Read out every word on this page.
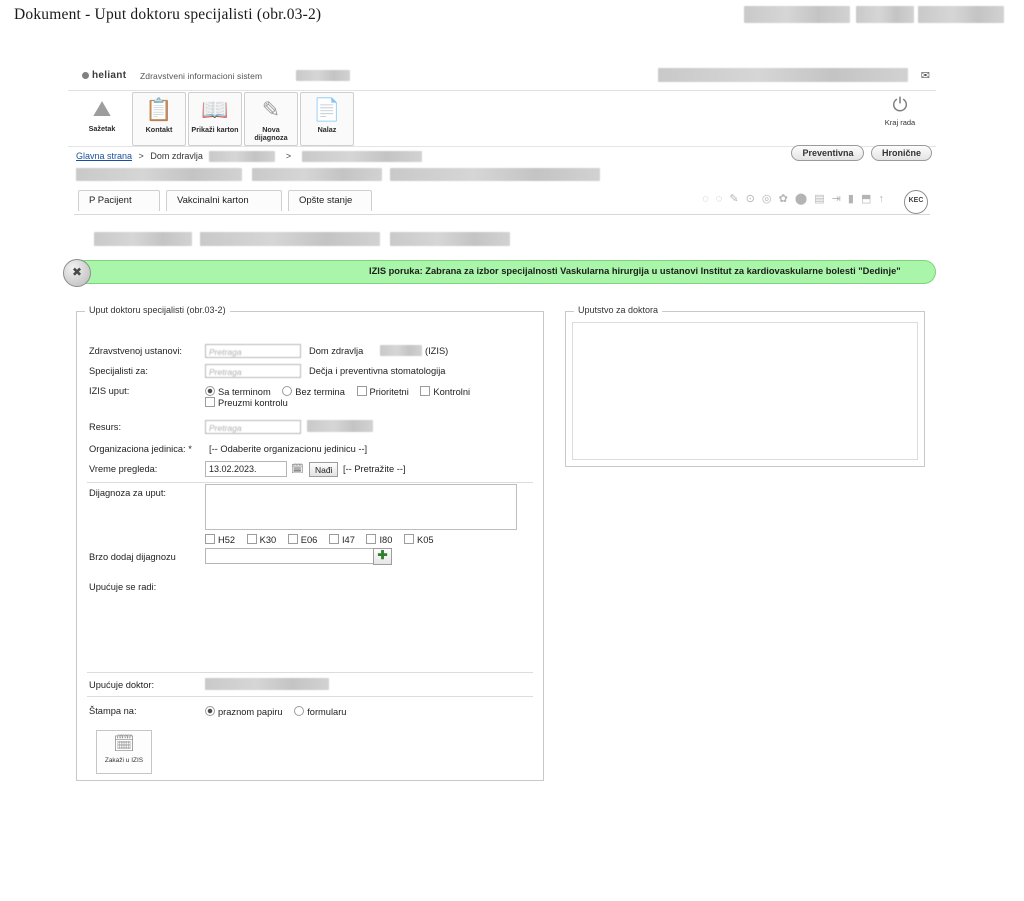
Dokument - Uput doktoru specijalisti (obr.03-2)
heliant Zdravstveni informacioni sistem	✉
⛰
Sažetak
📋
Kontakt
📖
Prikaži karton
✎
Nova dijagnoza
📄
Nalaz
⏻
Kraj rada
Glavna strana > Dom zdravlja	>	Preventivna	Hronične
P Pacijent	Vakcinalni karton	Opšte stanje	◌ ◌ ✎ ⊙ ◎ ✿ ⬤ ▤ ⇥ ▮ ⬒ ↑	KEC
✖	IZIS poruka: Zabrana za izbor specijalnosti Vaskularna hirurgija u ustanovi Institut za kardiovaskularne bolesti "Dedinje"
Uput doktoru specijalisti (obr.03-2)
Zdravstvenoj ustanovi:	Pretraga	Dom zdravlja	(IZIS)
Specijalisti za:	Pretraga	Dečja i preventivna stomatologija
IZIS uput:	Sa terminom	Bez termina	Prioritetni	Kontrolni Preuzmi kontrolu
Resurs:	Pretraga
Organizaciona jedinica: * [-- Odaberite organizacionu jedinicu --]
Vreme pregleda:	13.02.2023.	🗓	Nađi	[-- Pretražite --]
Dijagnoza za uput:
H52	K30	E06	I47	I80	K05
Brzo dodaj dijagnozu	✚
Upućuje se radi:
Upućuje doktor:
Štampa na:	praznom papiru	formularu
🗓
Zakaži u IZIS
Uputstvo za doktora
